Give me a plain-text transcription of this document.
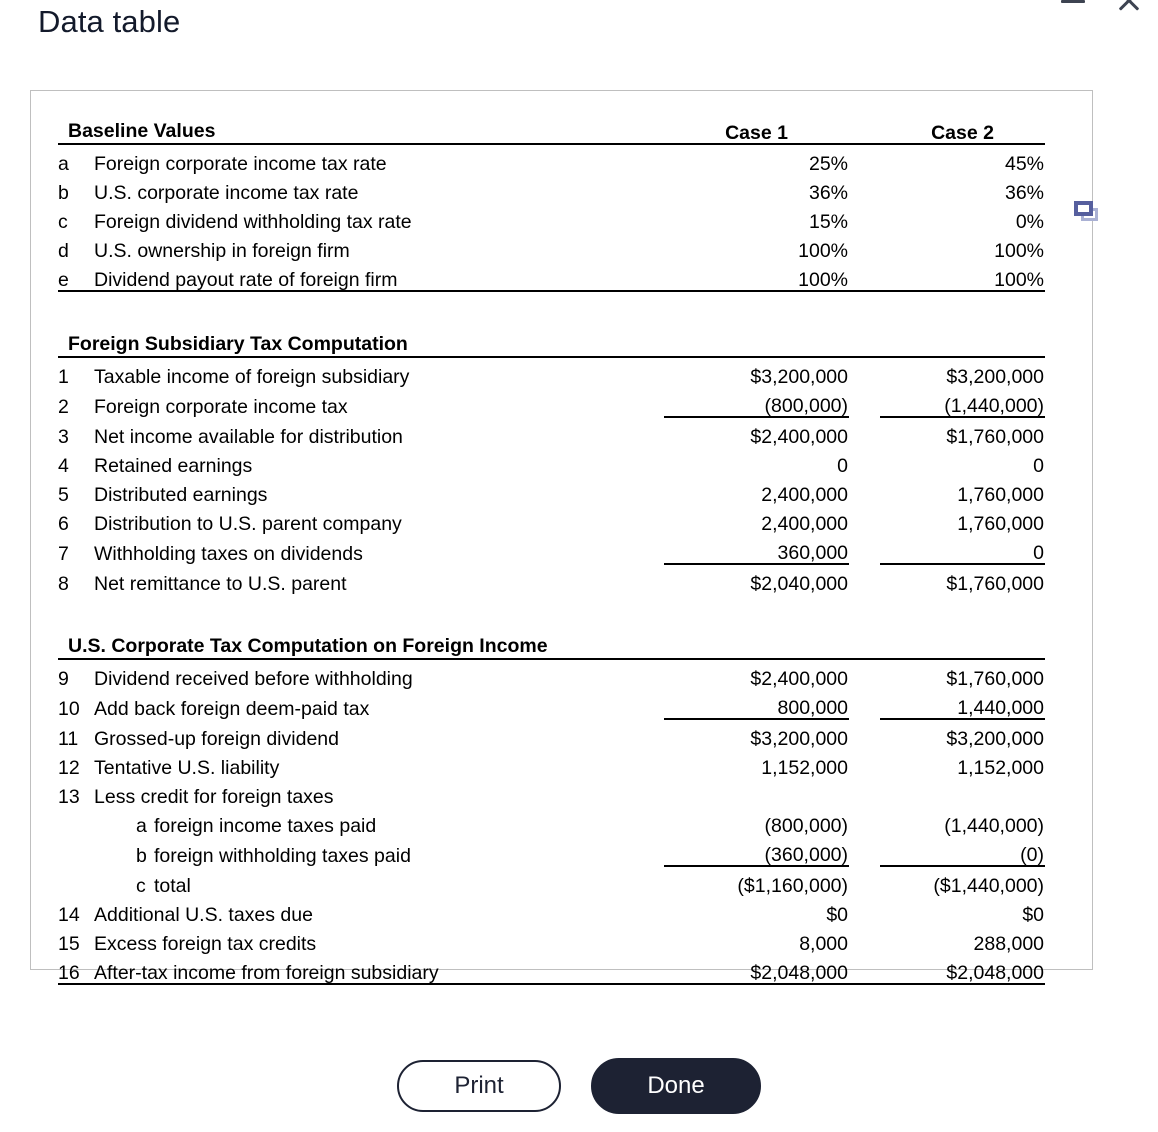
Data table
Baseline Values		Case 1		Case 2
a	Foreign corporate income tax rate	25%		45%
b	U.S. corporate income tax rate	36%		36%
c	Foreign dividend withholding tax rate	15%		0%
d	U.S. ownership in foreign firm	100%		100%
e	Dividend payout rate of foreign firm	100%		100%

Foreign Subsidiary Tax Computation				
1	Taxable income of foreign subsidiary	$3,200,000		$3,200,000
2	Foreign corporate income tax	(800,000)		(1,440,000)
3	Net income available for distribution	$2,400,000		$1,760,000
4	Retained earnings	0		0
5	Distributed earnings	2,400,000		1,760,000
6	Distribution to U.S. parent company	2,400,000		1,760,000
7	Withholding taxes on dividends	360,000		0
8	Net remittance to U.S. parent	$2,040,000		$1,760,000

U.S. Corporate Tax Computation on Foreign Income				
9	Dividend received before withholding	$2,400,000		$1,760,000
10	Add back foreign deem-paid tax	800,000		1,440,000
11	Grossed-up foreign dividend	$3,200,000		$3,200,000
12	Tentative U.S. liability	1,152,000		1,152,000
13	Less credit for foreign taxes			
	a foreign income taxes paid	(800,000)		(1,440,000)
	b foreign withholding taxes paid	(360,000)		(0)
	c total	($1,160,000)		($1,440,000)
14	Additional U.S. taxes due	$0		$0
15	Excess foreign tax credits	8,000		288,000
16	After-tax income from foreign subsidiary	$2,048,000		$2,048,000
Print	Done
